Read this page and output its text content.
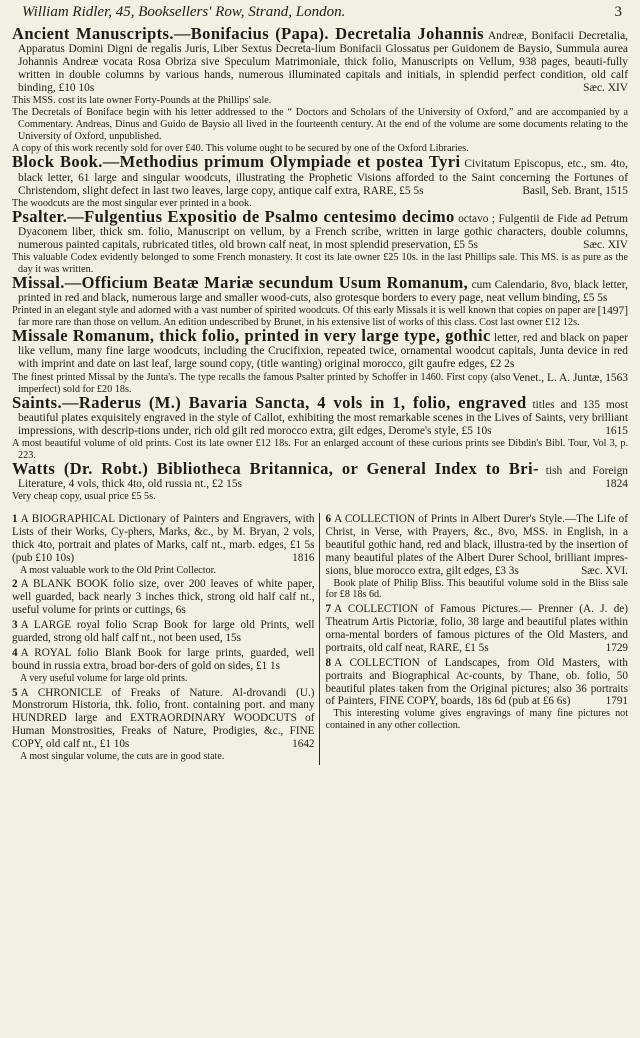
William Ridler, 45, Booksellers' Row, Strand, London.	3

Ancient Manuscripts.—Bonifacius (Papa). Decretalia Johannis Andreæ, Bonifacii Decretalia, Apparatus Domini Digni de regalis Juris, Liber Sextus Decreta-lium Bonifacii Glossatus per Guidonem de Baysio, Summula aurea Johannis Andreæ vocata Rosa Obriza sive Speculum Matrimoniale, thick folio, Manuscripts on Vellum, 938 pages, beauti-fully written in double columns by various hands, numerous illuminated capitals and initials, in splendid perfect condition, old calf binding, £10 10s	Sæc. XIV

This MSS. cost its late owner Forty-Pounds at the Phillips' sale.

The Decretals of Boniface begin with his letter addressed to the “ Doctors and Scholars of the University of Oxford,” and are accompanied by a Commentary. Andreas, Dinus and Guido de Baysio all lived in the fourteenth century. At the end of the volume are some documents relating to the University of Oxford, unpublished.

A copy of this work recently sold for over £40. This volume ought to be secured by one of the Oxford Libraries.

Block Book.—Methodius primum Olympiade et postea Tyri Civitatum Episcopus, etc., sm. 4to, black letter, 61 large and singular woodcuts, illustrating the Prophetic Visions afforded to the Saint concerning the Fortunes of Christendom, slight defect in last two leaves, large copy, antique calf extra, RARE, £5 5s	Basil, Seb. Brant, 1515

The woodcuts are the most singular ever printed in a book.

Psalter.—Fulgentius Expositio de Psalmo centesimo decimo octavo ; Fulgentii de Fide ad Petrum Dyaconem liber, thick sm. folio, Manuscript on vellum, by a French scribe, written in large gothic characters, double columns, numerous painted capitals, rubricated titles, old brown calf neat, in most splendid preservation, £5 5s	Sæc. XIV

This valuable Codex evidently belonged to some French monastery. It cost its late owner £25 10s. in the last Phillips sale. This MS. is as pure as the day it was written.

Missal.—Officium Beatæ Mariæ secundum Usum Romanum, cum Calendario, 8vo, black letter, printed in red and black, numerous large and smaller wood-cuts, also grotesque borders to every page, neat vellum binding, £5 5s
[1497]

Printed in an elegant style and adorned with a vast number of spirited woodcuts. Of this early Missals it is well known that copies on paper are far more rare than those on vellum. An edition undescribed by Brunet, in his extensive list of works of this class. Cost last owner £12 12s.

Missale Romanum, thick folio, printed in very large type, gothic letter, red and black on paper like vellum, many fine large woodcuts, including the Crucifixion, repeated twice, ornamental woodcut capitals, Junta device in red with imprint and date on last leaf, large sound copy, (title wanting) original morocco, gilt gaufre edges, £2 2s
Venet., L. A. Juntæ, 1563

The finest printed Missal by the Junta's. The type recalls the famous Psalter printed by Schoffer in 1460. First copy (also imperfect) sold for £20 18s.

Saints.—Raderus (M.) Bavaria Sancta, 4 vols in 1, folio, engraved titles and 135 most beautiful plates exquisitely engraved in the style of Callot, exhibiting the most remarkable scenes in the Lives of Saints, very brilliant impressions, with descrip-tions under, rich old gilt red morocco extra, gilt edges, Derome's style, £5 10s	1615

A most beautiful volume of old prints. Cost its late owner £12 18s. For an enlarged account of these curious prints see Dibdin's Bibl. Tour, Vol 3, p. 223.

Watts (Dr. Robt.) Bibliotheca Britannica, or General Index to Bri- tish and Foreign Literature, 4 vols, thick 4to, old russia nt., £2 15s	1824

Very cheap copy, usual price £5 5s.

1 A BIOGRAPHICAL Dictionary of Painters and Engravers, with Lists of their Works, Cy-phers, Marks, &c., by M. Bryan, 2 vols, thick 4to, portrait and plates of Marks, calf nt., marb. edges, £1 5s (pub £10 10s)	1816
A most valuable work to the Old Print Collector.
2 A BLANK BOOK folio size, over 200 leaves of white paper, well guarded, back nearly 3 inches thick, strong old half calf nt., useful volume for prints or cuttings, 6s
3 A LARGE royal folio Scrap Book for large old Prints, well guarded, strong old half calf nt., not been used, 15s
4 A ROYAL folio Blank Book for large prints, guarded, well bound in russia extra, broad bor-ders of gold on sides, £1 1s
A very useful volume for large old prints.
5 A CHRONICLE of Freaks of Nature. Al-drovandi (U.) Monstrorum Historia, thk. folio, front. containing port. and many HUNDRED large and EXTRAORDINARY WOODCUTS of Human Monstrosities, Freaks of Nature, Prodigies, &c., FINE COPY, old calf nt., £1 10s	1642
A most singular volume, the cuts are in good state.
6 A COLLECTION of Prints in Albert Durer's Style.—The Life of Christ, in Verse, with Prayers, &c., 8vo, MSS. in English, in a beautiful gothic hand, red and black, illustra-ted by the insertion of many beautiful plates of the Albert Durer School, brilliant impres-sions, blue morocco extra, gilt edges, £3 3s	Sæc. XVI.
Book plate of Philip Bliss. This beautiful volume sold in the Bliss sale for £8 18s 6d.
7 A COLLECTION of Famous Pictures.— Prenner (A. J. de) Theatrum Artis Pictoriæ, folio, 38 large and beautiful plates within orna-mental borders of famous pictures of the Old Masters, and portraits, old calf neat, RARE, £1 5s	1729
8 A COLLECTION of Landscapes, from Old Masters, with portraits and Biographical Ac-counts, by Thane, ob. folio, 50 beautiful plates taken from the Original pictures; also 36 portraits of Painters, FINE COPY, boards, 18s 6d (pub at £6 6s)	1791
This interesting volume gives engravings of many fine pictures not contained in any other collection.
